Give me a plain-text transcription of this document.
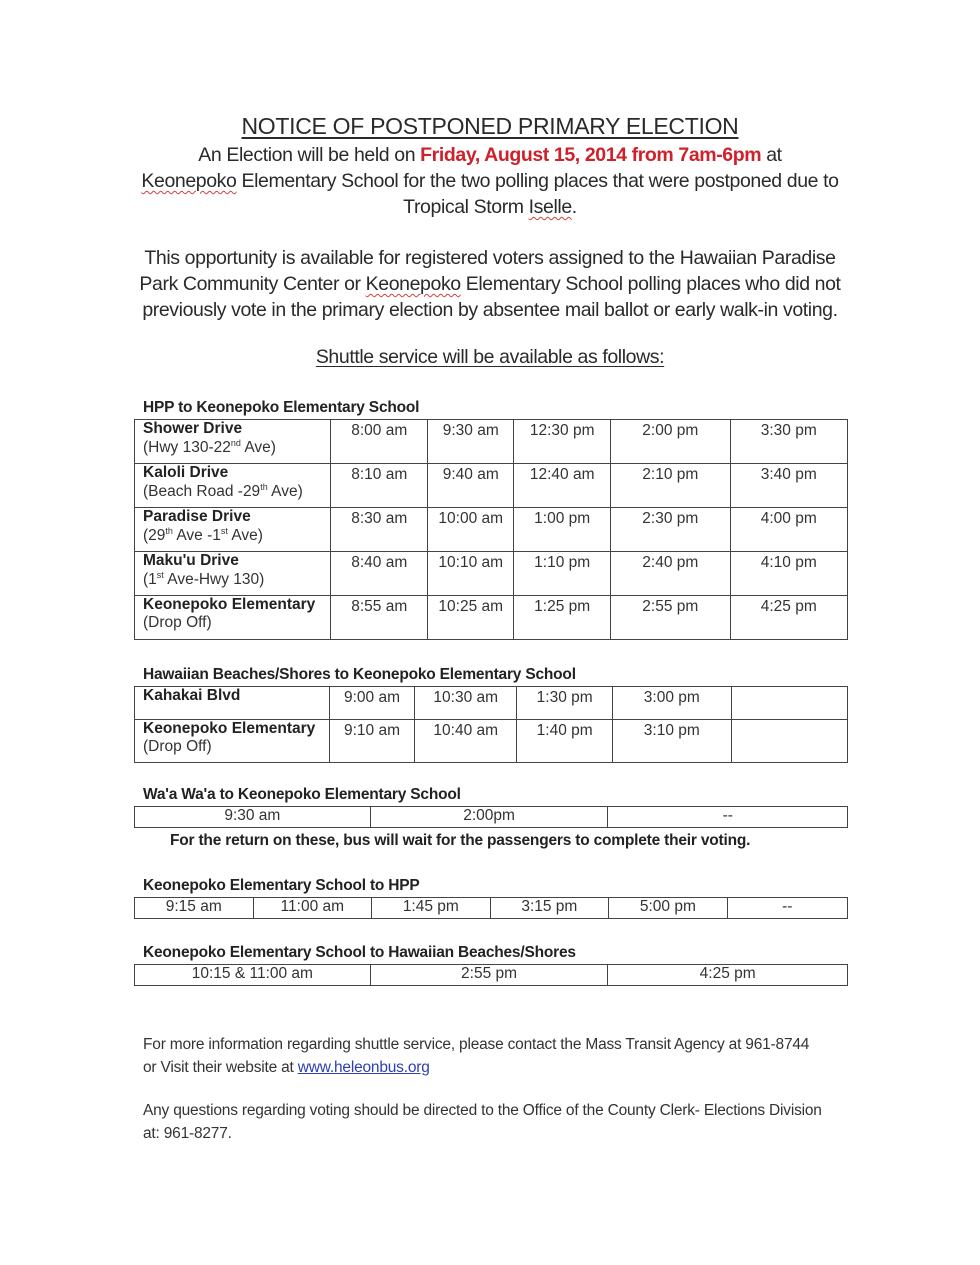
NOTICE OF POSTPONED PRIMARY ELECTION
An Election will be held on Friday, August 15, 2014 from 7am-6pm at
Keonepoko Elementary School for the two polling places that were postponed due to Tropical Storm Iselle.
This opportunity is available for registered voters assigned to the Hawaiian Paradise Park Community Center or Keonepoko Elementary School polling places who did not previously vote in the primary election by absentee mail ballot or early walk-in voting.
Shuttle service will be available as follows:
HPP to Keonepoko Elementary School
Shower Drive
(Hwy 130-22nd Ave)	8:00 am	9:30 am	12:30 pm	2:00 pm	3:30 pm

Kaloli Drive
(Beach Road -29th Ave)	8:10 am	9:40 am	12:40 am	2:10 pm	3:40 pm

Paradise Drive
(29th Ave -1st Ave)	8:30 am	10:00 am	1:00 pm	2:30 pm	4:00 pm

Maku'u Drive
(1st Ave-Hwy 130)	8:40 am	10:10 am	1:10 pm	2:40 pm	4:10 pm

Keonepoko Elementary
(Drop Off)	8:55 am	10:25 am	1:25 pm	2:55 pm	4:25 pm
Hawaiian Beaches/Shores to Keonepoko Elementary School
Kahakai Blvd	9:00 am	10:30 am	1:30 pm	3:00 pm	

Keonepoko Elementary
(Drop Off)	9:10 am	10:40 am	1:40 pm	3:10 pm	
Wa'a Wa'a to Keonepoko Elementary School
9:30 am	2:00pm	--
For the return on these, bus will wait for the passengers to complete their voting.
Keonepoko Elementary School to HPP
9:15 am	11:00 am	1:45 pm	3:15 pm	5:00 pm	--
Keonepoko Elementary School to Hawaiian Beaches/Shores
10:15 & 11:00 am	2:55 pm	4:25 pm
For more information regarding shuttle service, please contact the Mass Transit Agency at 961-8744 or Visit their website at www.heleonbus.org
Any questions regarding voting should be directed to the Office of the County Clerk- Elections Division at: 961-8277.
